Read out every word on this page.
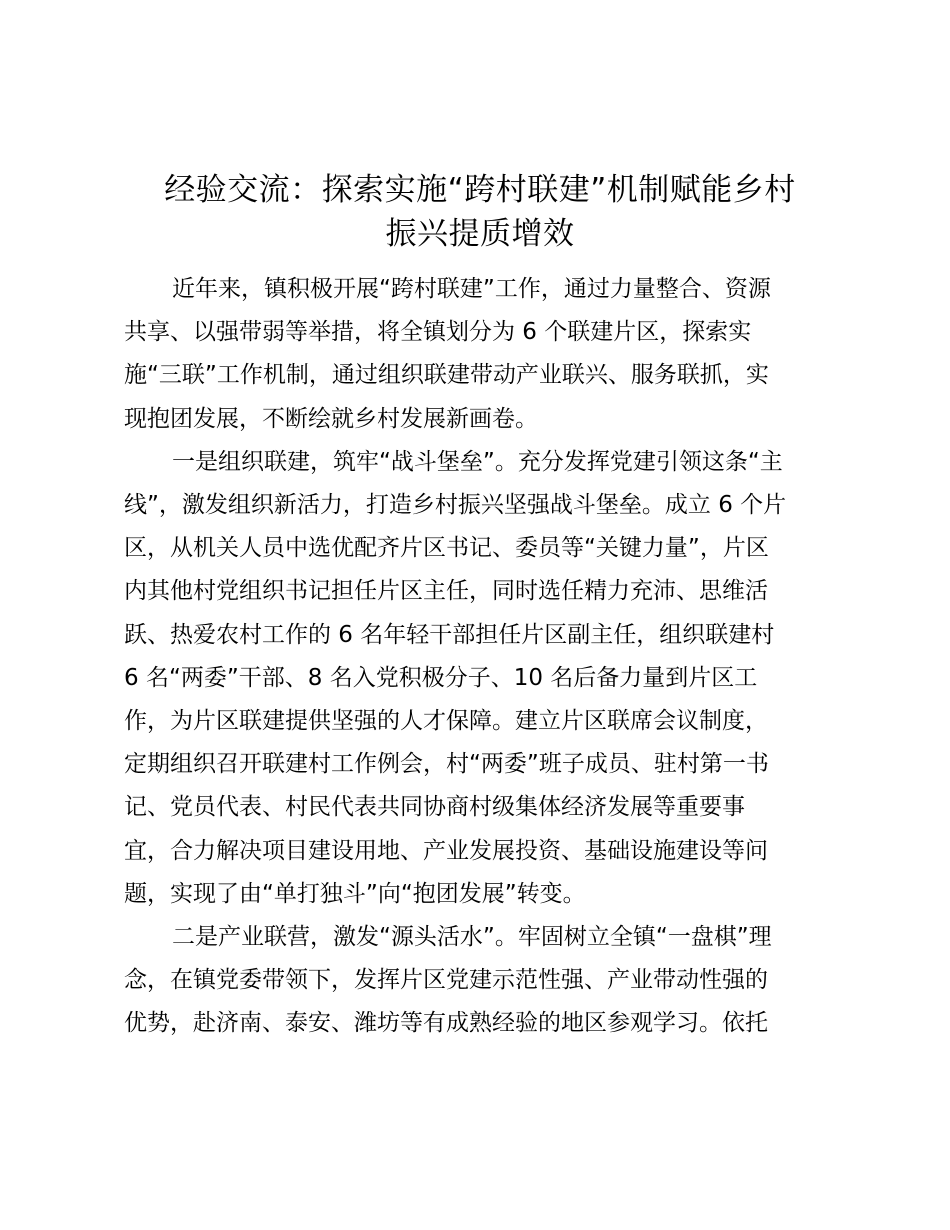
经验交流：探索实施“跨村联建”机制赋能乡村
振兴提质增效

近年来，镇积极开展“跨村联建”工作，通过力量整合、资源
共享、以强带弱等举措，将全镇划分为 6 个联建片区，探索实
施“三联”工作机制，通过组织联建带动产业联兴、服务联抓，实
现抱团发展，不断绘就乡村发展新画卷。

一是组织联建，筑牢“战斗堡垒”。充分发挥党建引领这条“主
线”，激发组织新活力，打造乡村振兴坚强战斗堡垒。成立 6 个片
区，从机关人员中选优配齐片区书记、委员等“关键力量”，片区
内其他村党组织书记担任片区主任，同时选任精力充沛、思维活
跃、热爱农村工作的 6 名年轻干部担任片区副主任，组织联建村
6 名“两委”干部、8 名入党积极分子、10 名后备力量到片区工
作，为片区联建提供坚强的人才保障。建立片区联席会议制度，
定期组织召开联建村工作例会，村“两委”班子成员、驻村第一书
记、党员代表、村民代表共同协商村级集体经济发展等重要事
宜，合力解决项目建设用地、产业发展投资、基础设施建设等问
题，实现了由“单打独斗”向“抱团发展”转变。

二是产业联营，激发“源头活水”。牢固树立全镇“一盘棋”理
念，在镇党委带领下，发挥片区党建示范性强、产业带动性强的
优势，赴济南、泰安、潍坊等有成熟经验的地区参观学习。依托
